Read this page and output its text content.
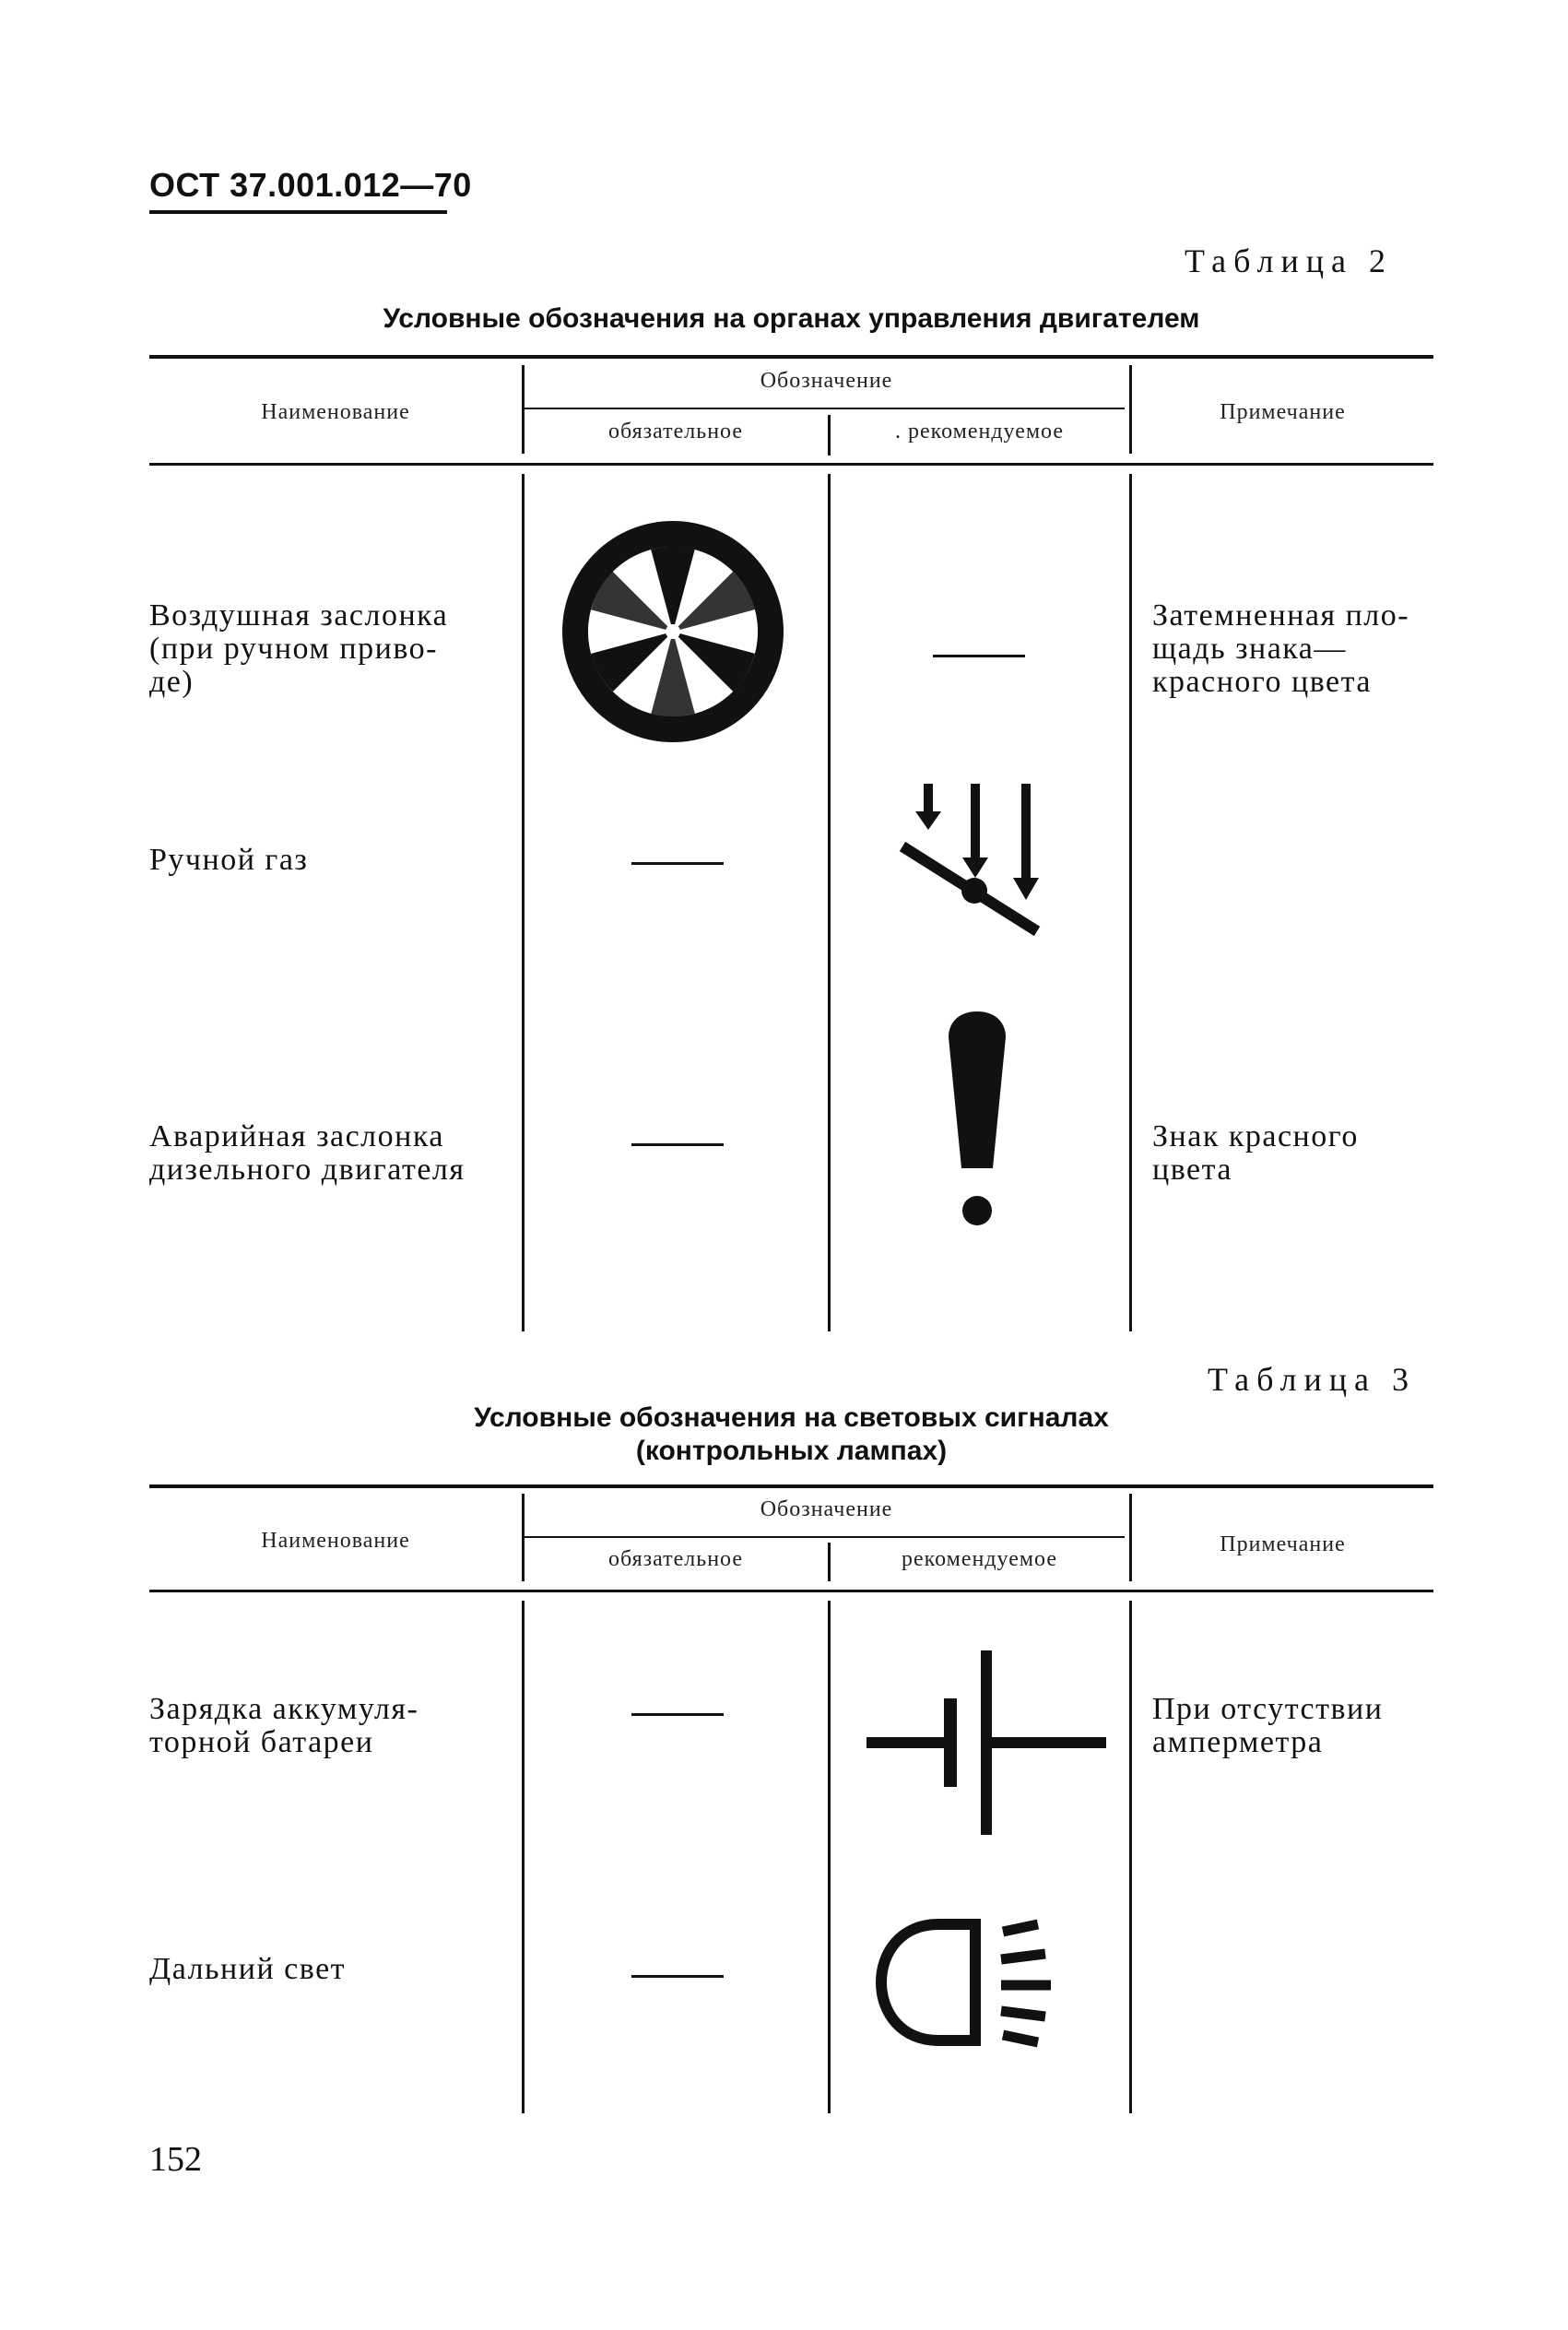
ОСТ 37.001.012—70
Таблица 2
Условные обозначения на органах управления двигателем
Наименование
Обозначение
обязательное	. рекомендуемое
Примечание
Воздушная заслонка
(при ручном приво-
де)
Затемненная пло-
щадь знака—
красного цвета
Ручной газ
Аварийная заслонка
дизельного двигателя
Знак красного
цвета
Таблица 3
Условные обозначения на световых сигналах
(контрольных лампах)
Наименование
Обозначение
обязательное	рекомендуемое
Примечание
Зарядка аккумуля-
торной батареи
При отсутствии
амперметра
Дальний свет
152
